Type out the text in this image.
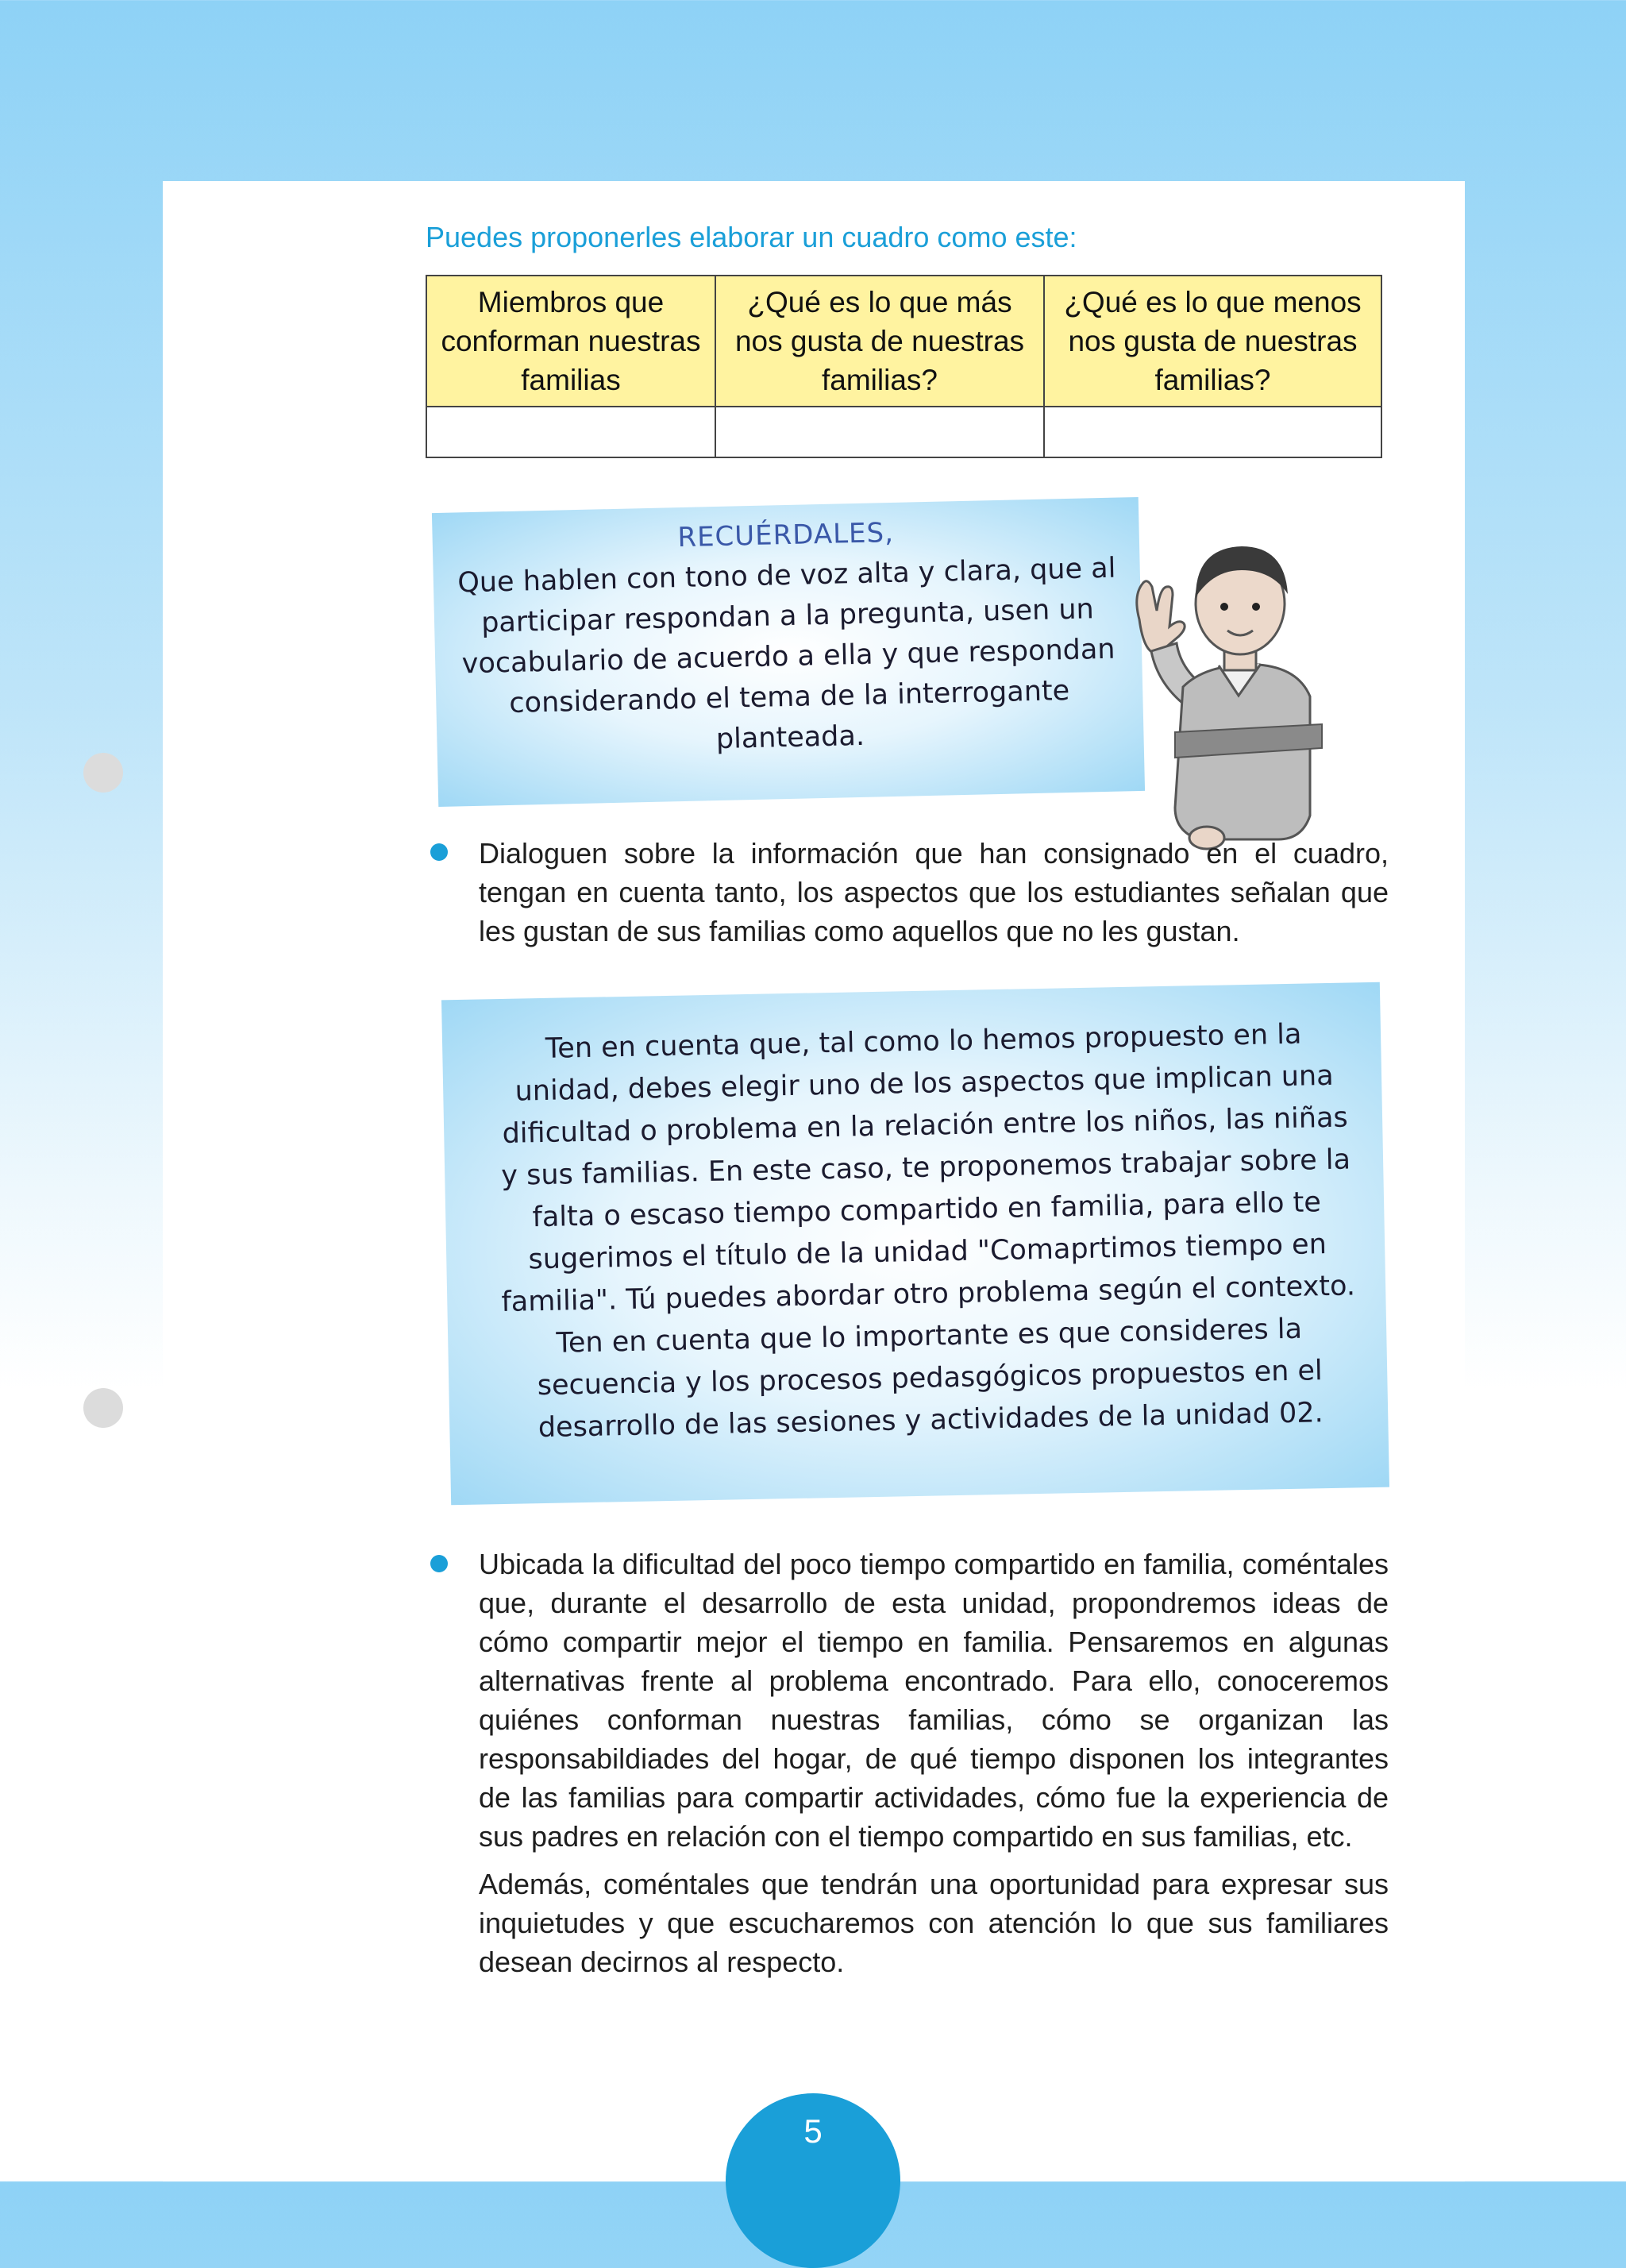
Puedes proponerles elaborar un cuadro como este:
Miembros que conforman nuestras familias	¿Qué es lo que más nos gusta de nuestras familias?	¿Qué es lo que menos nos gusta de nuestras familias?

RECUÉRDALES,
Que hablen con tono de voz alta y clara, que al participar respondan a la pregunta, usen un vocabulario de acuerdo a ella y que respondan considerando el tema de la interrogante planteada.
Dialoguen sobre la información que han consignado en el cuadro, tengan en cuenta tanto, los aspectos que los estudiantes señalan que les gustan de sus familias como aquellos que no les gustan.
Ten en cuenta que, tal como lo hemos propuesto en la unidad, debes elegir uno de los aspectos que implican una dificultad o problema en la relación entre los niños, las niñas y sus familias. En este caso, te proponemos trabajar sobre la falta o escaso tiempo compartido en familia, para ello te sugerimos el título de la unidad "Comaprtimos tiempo en familia". Tú puedes abordar otro problema según el contexto.
Ten en cuenta que lo importante es que consideres la secuencia y los procesos pedasgógicos propuestos en el desarrollo de las sesiones y actividades de la unidad 02.
Ubicada la dificultad del poco tiempo compartido en familia, coméntales que, durante el desarrollo de esta unidad, propondremos ideas de cómo compartir mejor el tiempo en familia. Pensaremos en algunas alternativas frente al problema encontrado. Para ello, conoceremos quiénes conforman nuestras familias, cómo se organizan las responsabildiades del hogar, de qué tiempo disponen los integrantes de las familias para compartir actividades, cómo fue la experiencia de sus padres en relación con el tiempo compartido en sus familias, etc.
Además, coméntales que tendrán una oportunidad para expresar sus inquietudes y que escucharemos con atención lo que sus familiares desean decirnos al respecto.
5
